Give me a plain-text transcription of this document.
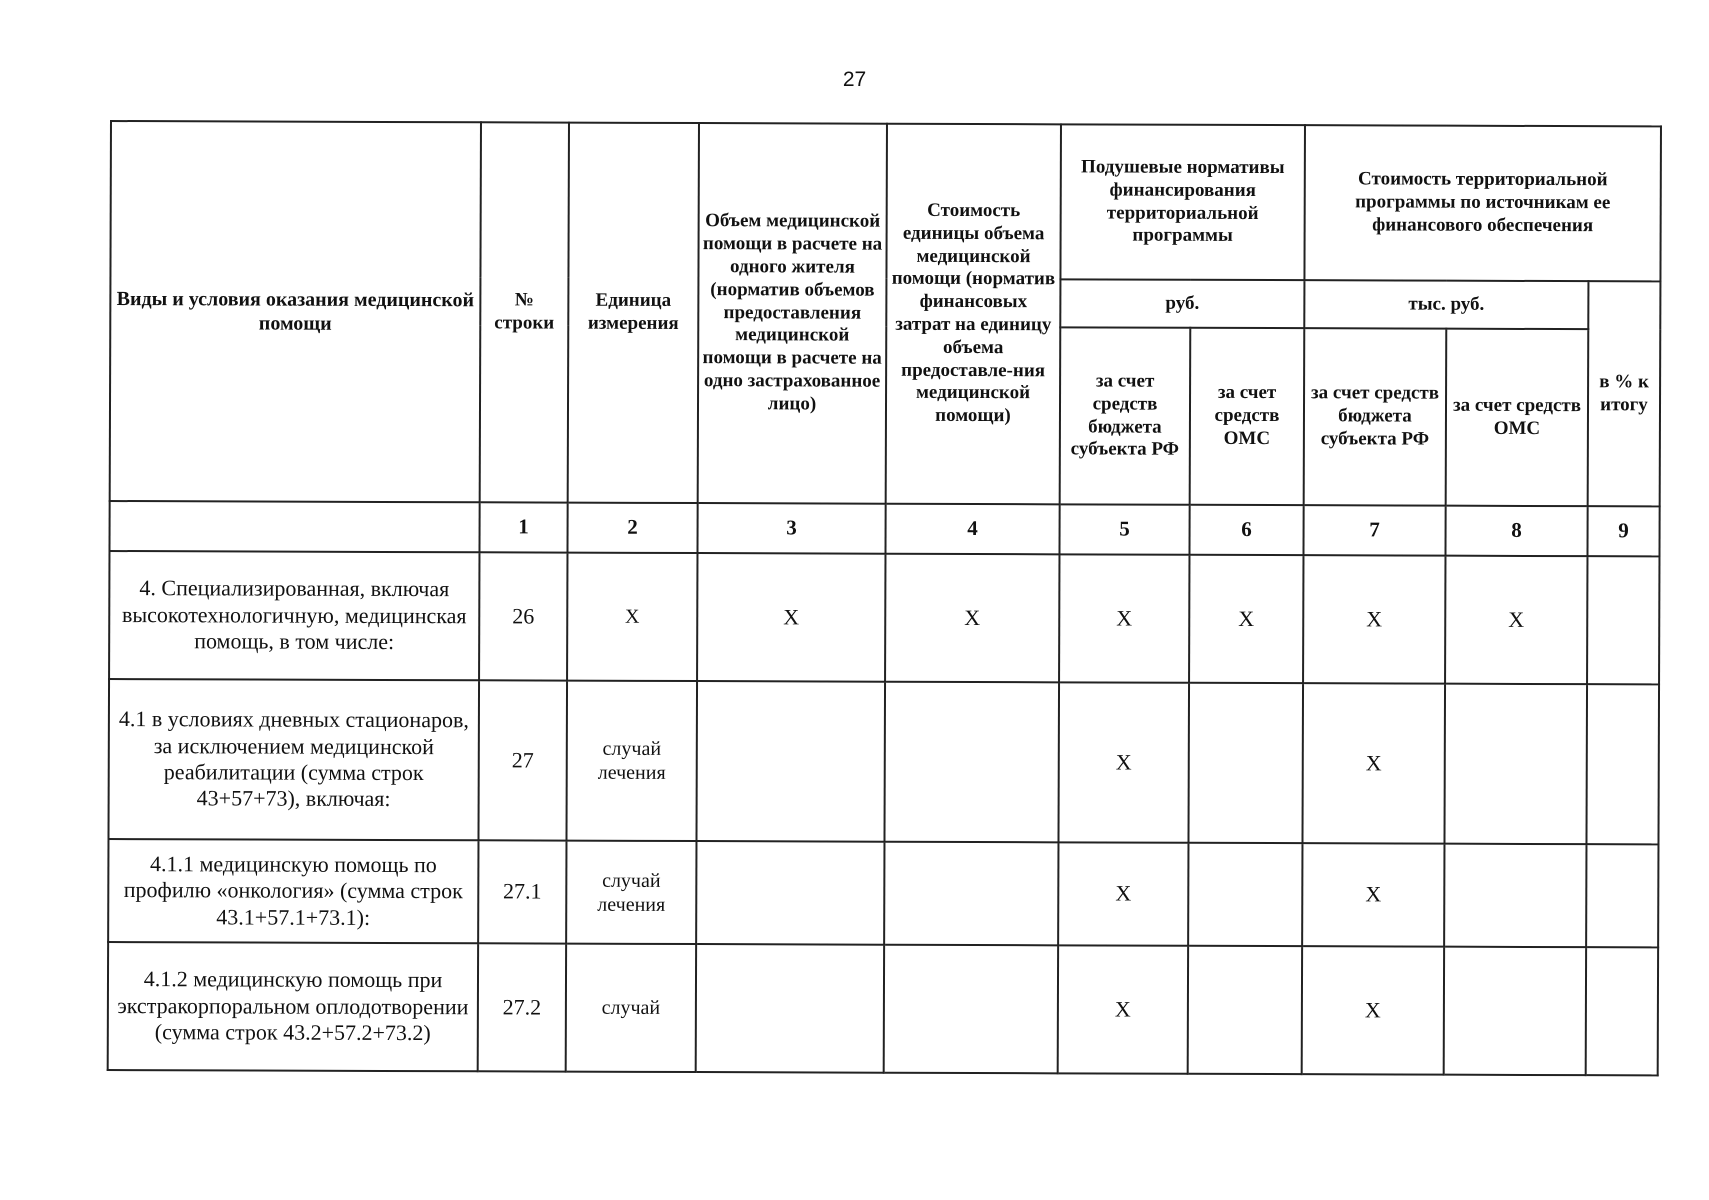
27
Виды и условия оказания медицинской помощи	№ строки	Единица измерения	Объем медицинской помощи в расчете на одного жителя (норматив объемов предоставления медицинской помощи в расчете на одно застрахованное лицо)	Стоимость единицы объема медицинской помощи (норматив финансовых затрат на единицу объема предоставле-ния медицинской помощи)	Подушевые нормативы финансирования территориальной программы		Стоимость территориальной программы по источникам ее финансового обеспечения		
					руб.		тыс. руб.		в % к итогу
					за счет средств бюджета субъекта РФ	за счет средств ОМС	за счет средств бюджета субъекта РФ	за счет средств ОМС	
	1	2	3	4	5	6	7	8	9
4. Специализированная, включая высокотехнологичную, медицинская помощь, в том числе:	26	X	X	X	X	X	X	X	
4.1 в условиях дневных стационаров, за исключением медицинской реабилитации (сумма строк 43+57+73), включая:	27	случай лечения			X		X		
4.1.1 медицинскую помощь по профилю «онкология» (сумма строк 43.1+57.1+73.1):	27.1	случай лечения			X		X		
4.1.2 медицинскую помощь при экстракорпоральном оплодотворении (сумма строк 43.2+57.2+73.2)	27.2	случай			X		X		
